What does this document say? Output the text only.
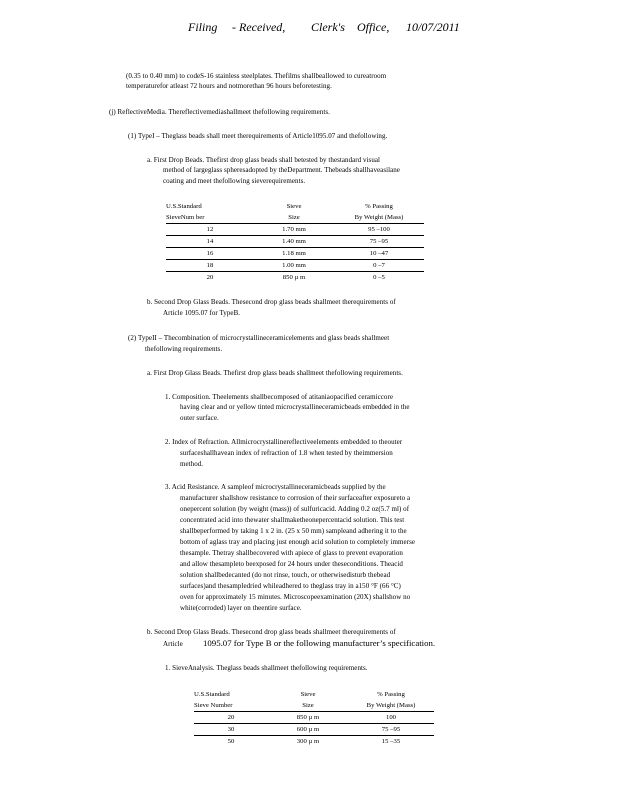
Filing - Received, Clerk's Office, 10/07/2011
(0.35 to 0.40 mm) to codeS-16 stainless steelplates. Thefilms shallbeallowed to cureatroom
temperaturefor atleast 72 hours and notmorethan 96 hours beforetesting.
(j) ReflectiveMedia. Thereflectivemediashallmeet thefollowing requirements.
(1) TypeI – Theglass beads shall meet therequirements of Article1095.07 and thefollowing.
a. First Drop Beads. Thefirst drop glass beads shall betested by thestandard visual
method of largeglass spheresadopted by theDepartment. Thebeads shallhaveasilane
coating and meet thefollowing sieverequirements.
U.S.Standard	Sieve	% Passing
SieveNum ber	Size	By Weight (Mass)
12	1.70 mm	95 –100
14	1.40 mm	75 –95
16	1.18 mm	10 –47
18	1.00 mm	0 –7
20	850 µ m	0 –5
b. Second Drop Glass Beads. Thesecond drop glass beads shallmeet therequirements of
Article 1095.07 for TypeB.
(2) TypeII – Thecombination of microcrystallineceramicelements and glass beads shallmeet
thefollowing requirements.
a. First Drop Glass Beads. Thefirst drop glass beads shallmeet thefollowing requirements.
1. Composition. Theelements shallbecomposed of atitaniaopacified ceramiccore
having clear and or yellow tinted microcrystallineceramicbeads embedded in the
outer surface.
2. Index of Refraction. Allmicrocrystallinereflectiveelements embedded to theouter
surfaceshallhavean index of refraction of 1.8 when tested by theimmersion
method.
3. Acid Resistance. A sampleof microcrystallineceramicbeads supplied by the
manufacturer shallshow resistance to corrosion of their surfaceafter exposureto a
onepercent solution (by weight (mass)) of sulfuricacid. Adding 0.2 oz(5.7 ml) of
concentrated acid into thewater shallmaketheonepercentacid solution. This test
shallbeperformed by taking 1 x 2 in. (25 x 50 mm) sampleand adhering it to the
bottom of aglass tray and placing just enough acid solution to completely immerse
thesample. Thetray shallbecovered with apiece of glass to prevent evaporation
and allow thesampleto beexposed for 24 hours under theseconditions. Theacid
solution shallbedecanted (do not rinse, touch, or otherwisedisturb thebead
surfaces)and thesampledried whileadhered to theglass tray in a150 °F (66 °C)
oven for approximately 15 minutes. Microscopeexamination (20X) shallshow no
white(corroded) layer on theentire surface.
b. Second Drop Glass Beads. Thesecond drop glass beads shallmeet therequirements of
Article 1095.07 for Type B or the following manufacturer’s specification.
1. SieveAnalysis. Theglass beads shallmeet thefollowing requirements.
U.S.Standard	Sieve	% Passing
Sieve Number	Size	By Weight (Mass)
20	850 µ m	100
30	600 µ m	75 –95
50	300 µ m	15 –35
